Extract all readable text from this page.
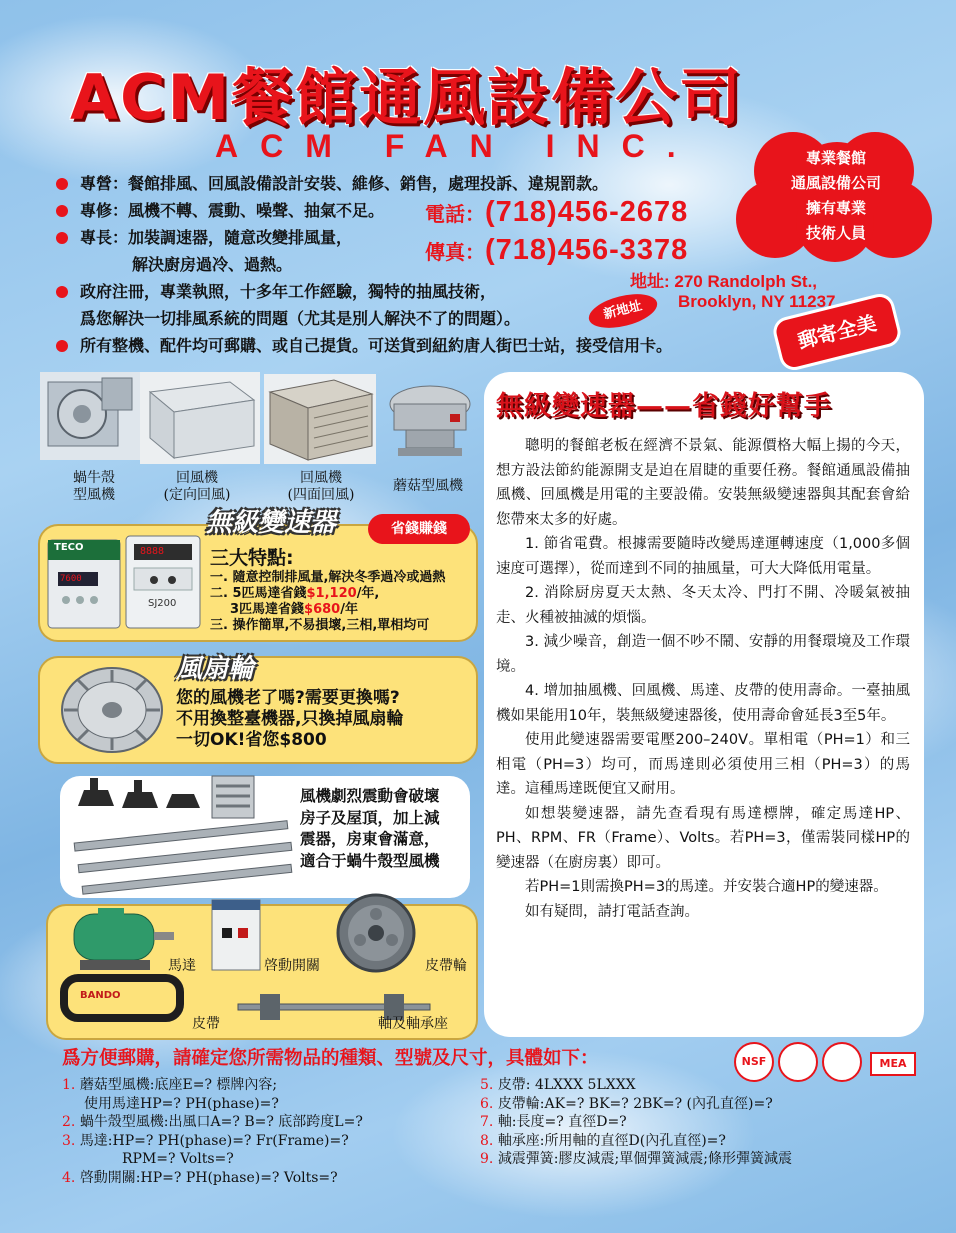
ACM餐館通風設備公司
ACM FAN INC.	專業餐館
通風設備公司
擁有專業
技術人員
專營：餐館排風、回風設備設計安裝、維修、銷售，處理投訴、違規罰款。
專修：風機不轉、震動、噪聲、抽氣不足。
專長：加裝調速器，隨意改變排風量，
解決廚房過冷、過熱。
政府注冊，專業執照，十多年工作經驗，獨特的抽風技術，
爲您解決一切排風系統的問題（尤其是別人解決不了的問題）。
所有整機、配件均可郵購、或自己提貨。可送貨到紐約唐人街巴士站，接受信用卡。
電話：(718)456-2678
傳真：(718)456-3378
地址: 270 Randolph St.,
Brooklyn, NY 11237
新地址
郵寄全美
蝸牛殼
型風機
回風機
(定向回風)
回風機
(四面回風)
蘑菇型風機
無級變速器	省錢賺錢
TECO
7600
8888
SJ200
三大特點:
一. 隨意控制排風量,解決冬季過冷或過熱
二. 5匹馬達省錢$1,120/年,
3匹馬達省錢$680/年
三. 操作簡單,不易損壞,三相,單相均可
風扇輪
您的風機老了嗎?需要更換嗎?
不用換整臺機器,只換掉風扇輪
一切OK!省您$800
風機劇烈震動會破壞
房子及屋頂，加上減
震器，房東會滿意，
適合于蝸牛殼型風機
馬達	啓動開關	皮帶輪
BANDO
皮帶	軸及軸承座
聰明的餐館老板在經濟不景氣、能源價格大幅上揚的今天，想方設法節約能源開支是迫在眉睫的重要任務。餐館通風設備抽風機、回風機是用電的主要設備。安裝無級變速器與其配套會給您帶來太多的好處。
1. 節省電費。根據需要隨時改變馬達運轉速度（1,000多個速度可選擇），從而達到不同的抽風量，可大大降低用電量。
2. 消除厨房夏天太熱、冬天太冷、門打不開、冷暖氣被抽走、火種被抽滅的煩惱。
3. 減少噪音，創造一個不吵不鬧、安靜的用餐環境及工作環境。
4. 增加抽風機、回風機、馬達、皮帶的使用壽命。一臺抽風機如果能用10年，裝無級變速器後，使用壽命會延長3至5年。
使用此變速器需要電壓200–240V。單相電（PH=1）和三相電（PH=3）均可，而馬達則必須使用三相（PH=3）的馬達。這種馬達既便宜又耐用。
如想裝變速器，請先查看現有馬達標牌，確定馬達HP、PH、RPM、FR（Frame）、Volts。若PH=3，僅需裝同樣HP的變速器（在廚房裏）即可。
若PH=1則需換PH=3的馬達。并安裝合適HP的變速器。
如有疑問，請打電話查詢。
無級變速器——省錢好幫手
爲方便郵購，請確定您所需物品的種類、型號及尺寸，具體如下：	NSF	MEA
1. 蘑菇型風機:底座E=? 標牌內容;
使用馬達HP=? PH(phase)=?
2. 蝸牛殼型風機:出風口A=? B=? 底部跨度L=?
3. 馬達:HP=? PH(phase)=? Fr(Frame)=?
RPM=? Volts=?
4. 啓動開關:HP=? PH(phase)=? Volts=?
5. 皮帶: 4LXXX 5LXXX
6. 皮帶輪:AK=? BK=? 2BK=? (內孔直徑)=?
7. 軸:長度=? 直徑D=?
8. 軸承座:所用軸的直徑D(內孔直徑)=?
9. 減震彈簧:膠皮減震;單個彈簧減震;條形彈簧減震
